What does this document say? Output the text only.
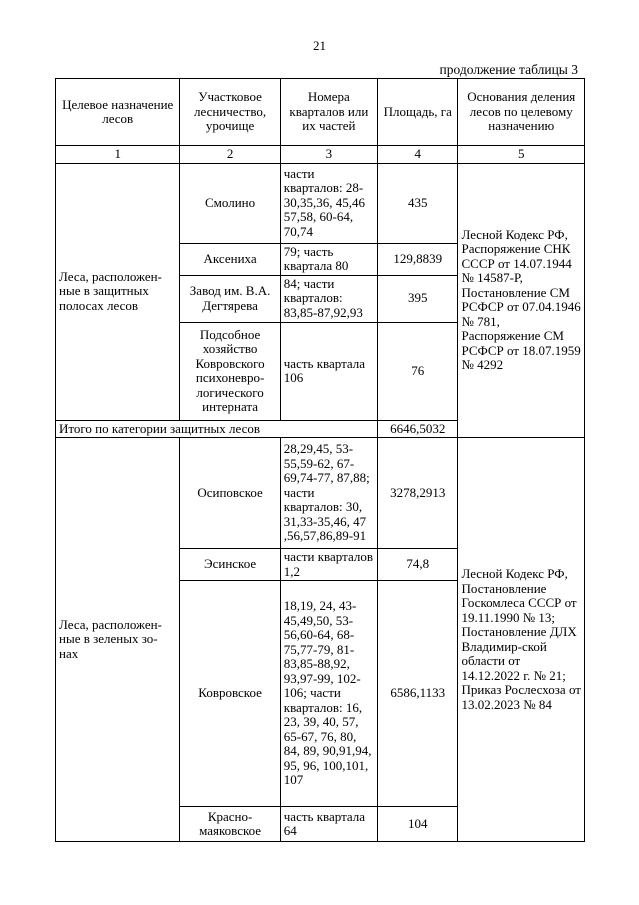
21
продолжение таблицы 3
Целевое назначение лесов	Участковое лесничество, урочище	Номера кварталов или их частей	Площадь, га	Основания деления лесов по целевому назначению
1	2	3	4	5
Леса, расположен-ные в защитных полосах лесов	Смолино	части кварталов: 28-30,35,36, 45,46 57,58, 60-64, 70,74	435	Лесной Кодекс РФ, Распоряжение СНК СССР от 14.07.1944 № 14587-Р, Постановление СМ РСФСР от 07.04.1946 № 781, Распоряжение СМ РСФСР от 18.07.1959 № 4292
	Аксениха	79; часть квартала 80	129,8839	
	Завод им. В.А. Дегтярева	84; части кварталов: 83,85-87,92,93	395	
	Подсобное хозяйство Ковровского психоневро-логического интерната	часть квартала 106	76	
Итого по категории защитных лесов			6646,5032	
Леса, расположен-ные в зеленых зо-нах	Осиповское	28,29,45, 53-55,59-62, 67-69,74-77, 87,88; части кварталов: 30, 31,33-35,46, 47 ,56,57,86,89-91	3278,2913	Лесной Кодекс РФ, Постановление Госкомлеса СССР от 19.11.1990 № 13; Постановление ДЛХ Владимир-ской области от 14.12.2022 г. № 21; Приказ Рослесхоза от 13.02.2023 № 84
	Эсинское	части кварталов 1,2	74,8	
	Ковровское	18,19, 24, 43-45,49,50, 53-56,60-64, 68-75,77-79, 81-83,85-88,92, 93,97-99, 102-106; части кварталов: 16, 23, 39, 40, 57, 65-67, 76, 80, 84, 89, 90,91,94, 95, 96, 100,101, 107	6586,1133	
	Красно-маяковское	часть квартала 64	104	
